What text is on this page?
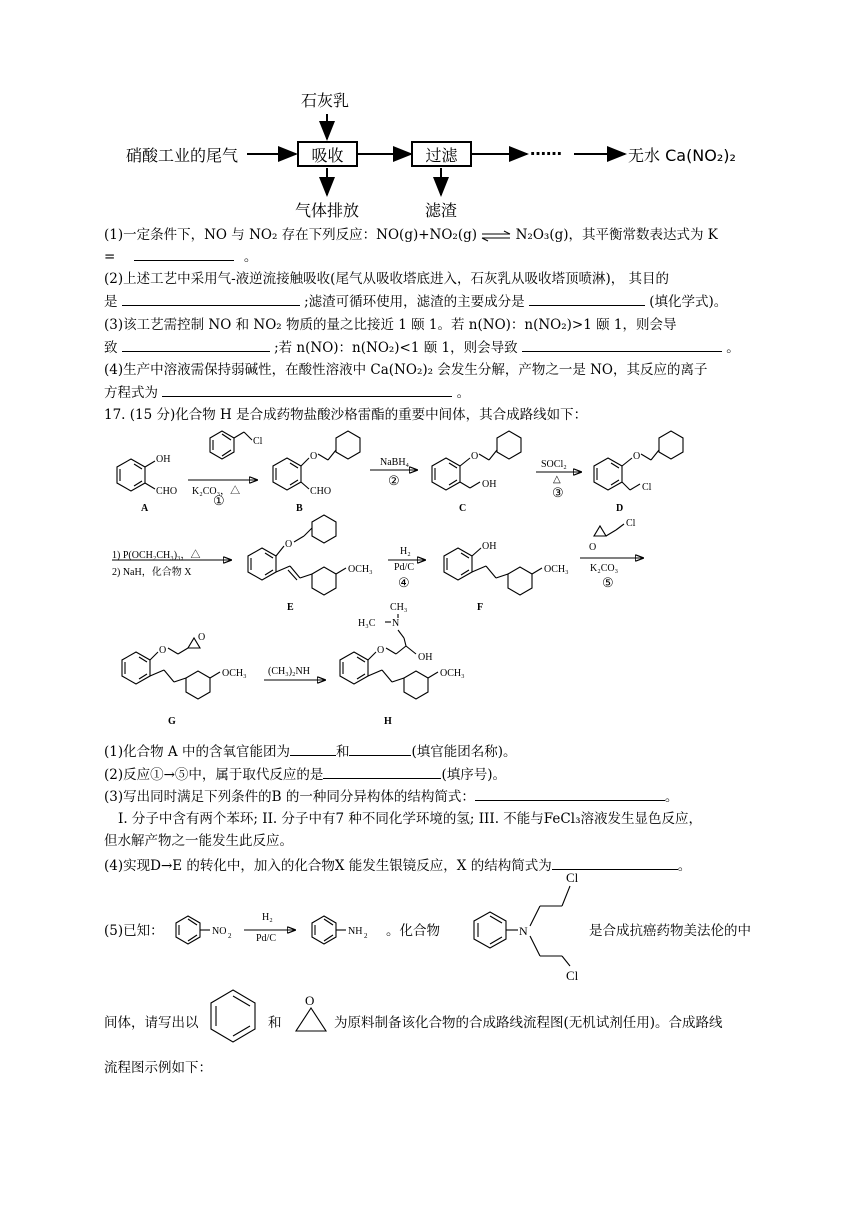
硝酸工业的尾气
石灰乳
吸收	过滤	……
气体排放	滤渣
无水 Ca(NO₂)₂
(1)一定条件下，NO 与 NO₂ 存在下列反应：NO(g)+NO₂(g) ⇌ N₂O₃(g)，其平衡常数表达式为 K
=	。
(2)上述工艺中采用气-液逆流接触吸收(尾气从吸收塔底进入，石灰乳从吸收塔顶喷淋)， 其目的
是	;滤渣可循环使用，滤渣的主要成分是	(填化学式)。
(3)该工艺需控制 NO 和 NO₂ 物质的量之比接近 1 颐 1。若 n(NO)：n(NO₂)>1 颐 1，则会导
致	;若 n(NO)：n(NO₂)<1 颐 1，则会导致	。
(4)生产中溶液需保持弱碱性，在酸性溶液中 Ca(NO₂)₂ 会发生分解，产物之一是 NO，其反应的离子
方程式为	。
17. (15 分)化合物 H 是合成药物盐酸沙格雷酯的重要中间体，其合成路线如下：
OH
CHO
Cl
O
CHO
O
OH
O
Cl
O
OCH₃
OH
OCH₃
O
Cl
O
O
OCH₃
O
OH
N
CH₃
H₃C
OCH₃
A	B	C	D
E	F
G	H
K₂CO₃，△
①
NaBH₄
②
SOCl₂
△
③
1) P(OCH₂CH₃)₃，△
2) NaH，化合物 X
H₂
Pd/C
④
K₂CO₃
⑤
(CH₃)₂NH
(1)化合物 A 中的含氧官能团为	和	(填官能团名称)。
(2)反应①→⑤中，属于取代反应的是	(填序号)。
(3)写出同时满足下列条件的B 的一种同分异构体的结构简式：	。
I. 分子中含有两个苯环; II. 分子中有7 种不同化学环境的氢; III. 不能与FeCl₃溶液发生显色反应，
但水解产物之一能发生此反应。
(4)实现D→E 的转化中，加入的化合物X 能发生银镜反应，X 的结构简式为	。
(5)已知：	NO 2	NH 2	N
Cl
Cl
O
H₂
Pd/C	。化合物	是合成抗癌药物美法伦的中
间体，请写出以	和	为原料制备该化合物的合成路线流程图(无机试剂任用)。合成路线
流程图示例如下：
